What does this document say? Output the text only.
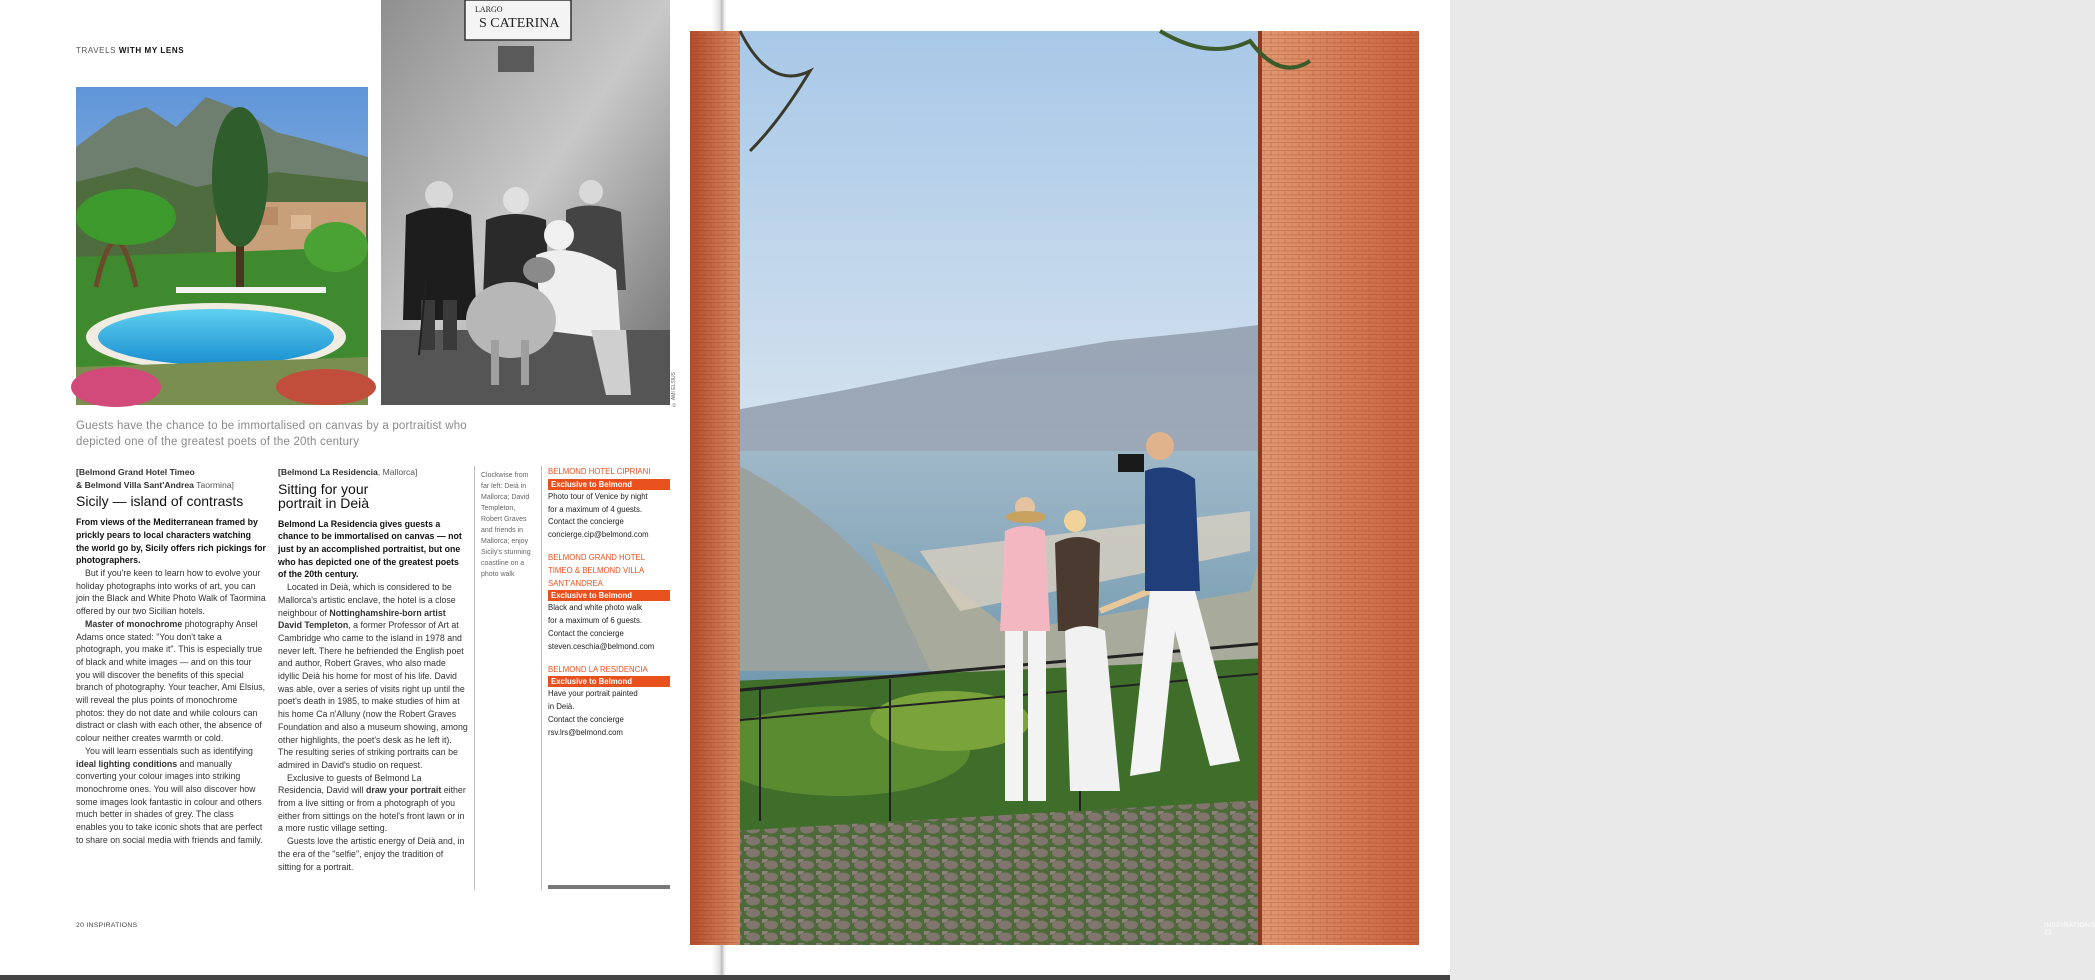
TRAVELS WITH MY LENS
LARGO
S CATERINA
© AMI ELSIUS
Guests have the chance to be immortalised on canvas by a portraitist who depicted one of the greatest poets of the 20th century
[Belmond Grand Hotel Timeo
& Belmond Villa Sant'Andrea Taormina]
Sicily — island of contrasts

From views of the Mediterranean framed by prickly pears to local characters watching the world go by, Sicily offers rich pickings for photographers.

But if you're keen to learn how to evolve your holiday photographs into works of art, you can join the Black and White Photo Walk of Taormina offered by our two Sicilian hotels.

Master of monochrome photography Ansel Adams once stated: "You don't take a photograph, you make it". This is especially true of black and white images — and on this tour you will discover the benefits of this special branch of photography. Your teacher, Ami Elsius, will reveal the plus points of monochrome photos: they do not date and while colours can distract or clash with each other, the absence of colour neither creates warmth or cold.

You will learn essentials such as identifying ideal lighting conditions and manually converting your colour images into striking monochrome ones. You will also discover how some images look fantastic in colour and others much better in shades of grey. The class enables you to take iconic shots that are perfect to share on social media with friends and family.

[Belmond La Residencia, Mallorca]
Sitting for your
portrait in Deià

Belmond La Residencia gives guests a chance to be immortalised on canvas — not just by an accomplished portraitist, but one who has depicted one of the greatest poets of the 20th century.

Located in Deià, which is considered to be Mallorca's artistic enclave, the hotel is a close neighbour of Nottinghamshire-born artist David Templeton, a former Professor of Art at Cambridge who came to the island in 1978 and never left. There he befriended the English poet and author, Robert Graves, who also made idyllic Deià his home for most of his life. David was able, over a series of visits right up until the poet's death in 1985, to make studies of him at his home Ca n'Alluny (now the Robert Graves Foundation and also a museum showing, among other highlights, the poet's desk as he left it). The resulting series of striking portraits can be admired in David's studio on request.

Exclusive to guests of Belmond La Residencia, David will draw your portrait either from a live sitting or from a photograph of you either from sittings on the hotel's front lawn or in a more rustic village setting.

Guests love the artistic energy of Deià and, in the era of the "selfie", enjoy the tradition of sitting for a portrait.

Clockwise from far left: Deià in Mallorca; David Templeton, Robert Graves and friends in Mallorca; enjoy Sicily's stunning coastline on a photo walk
BELMOND HOTEL CIPRIANI
Exclusive to Belmond
Photo tour of Venice by night
for a maximum of 4 guests.
Contact the concierge
concierge.cip@belmond.com
BELMOND GRAND HOTEL TIMEO & BELMOND VILLA SANT'ANDREA
Exclusive to Belmond
Black and white photo walk
for a maximum of 6 guests.
Contact the concierge
steven.ceschia@belmond.com
BELMOND LA RESIDENCIA
Exclusive to Belmond
Have your portrait painted
in Deià.
Contact the concierge
rsv.lrs@belmond.com
20 INSPIRATIONS	INSPIRATIONS 21
